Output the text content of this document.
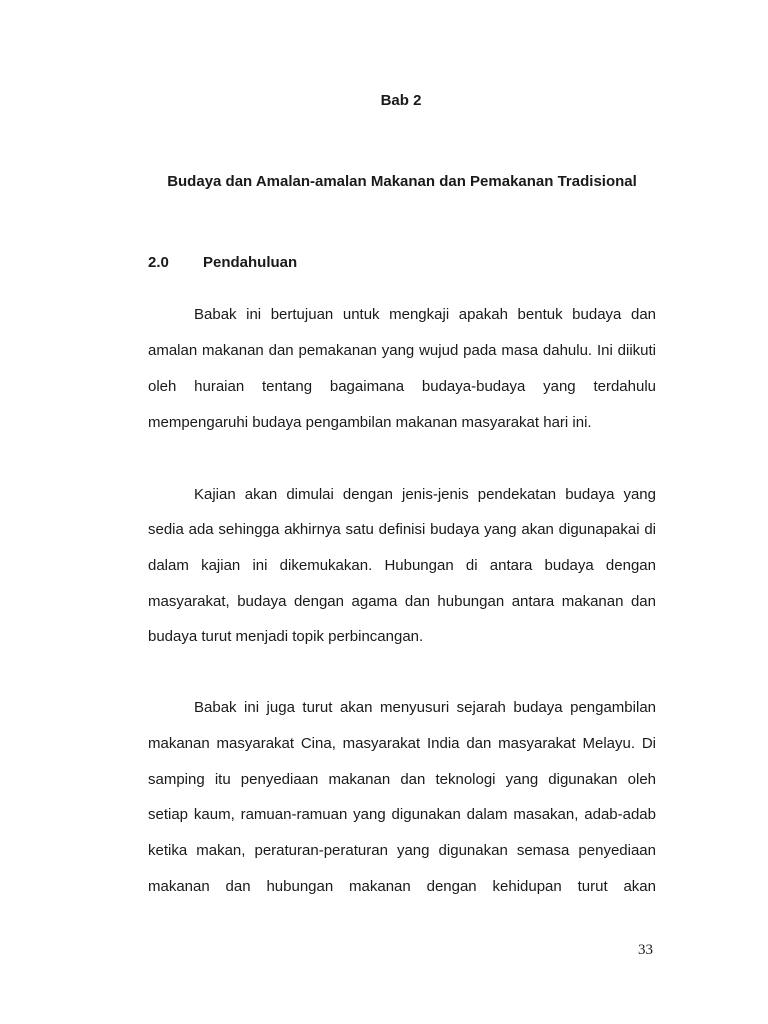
Bab 2
Budaya dan Amalan-amalan Makanan dan Pemakanan Tradisional
2.0 Pendahuluan
Babak ini bertujuan untuk mengkaji apakah bentuk budaya dan
amalan makanan dan pemakanan yang wujud pada masa dahulu. Ini diikuti
oleh huraian tentang bagaimana budaya-budaya yang terdahulu
mempengaruhi budaya pengambilan makanan masyarakat hari ini.
Kajian akan dimulai dengan jenis-jenis pendekatan budaya yang
sedia ada sehingga akhirnya satu definisi budaya yang akan digunapakai di
dalam kajian ini dikemukakan. Hubungan di antara budaya dengan
masyarakat, budaya dengan agama dan hubungan antara makanan dan
budaya turut menjadi topik perbincangan.
Babak ini juga turut akan menyusuri sejarah budaya pengambilan
makanan masyarakat Cina, masyarakat India dan masyarakat Melayu. Di
samping itu penyediaan makanan dan teknologi yang digunakan oleh
setiap kaum, ramuan-ramuan yang digunakan dalam masakan, adab-adab
ketika makan, peraturan-peraturan yang digunakan semasa penyediaan
makanan dan hubungan makanan dengan kehidupan turut akan
33
